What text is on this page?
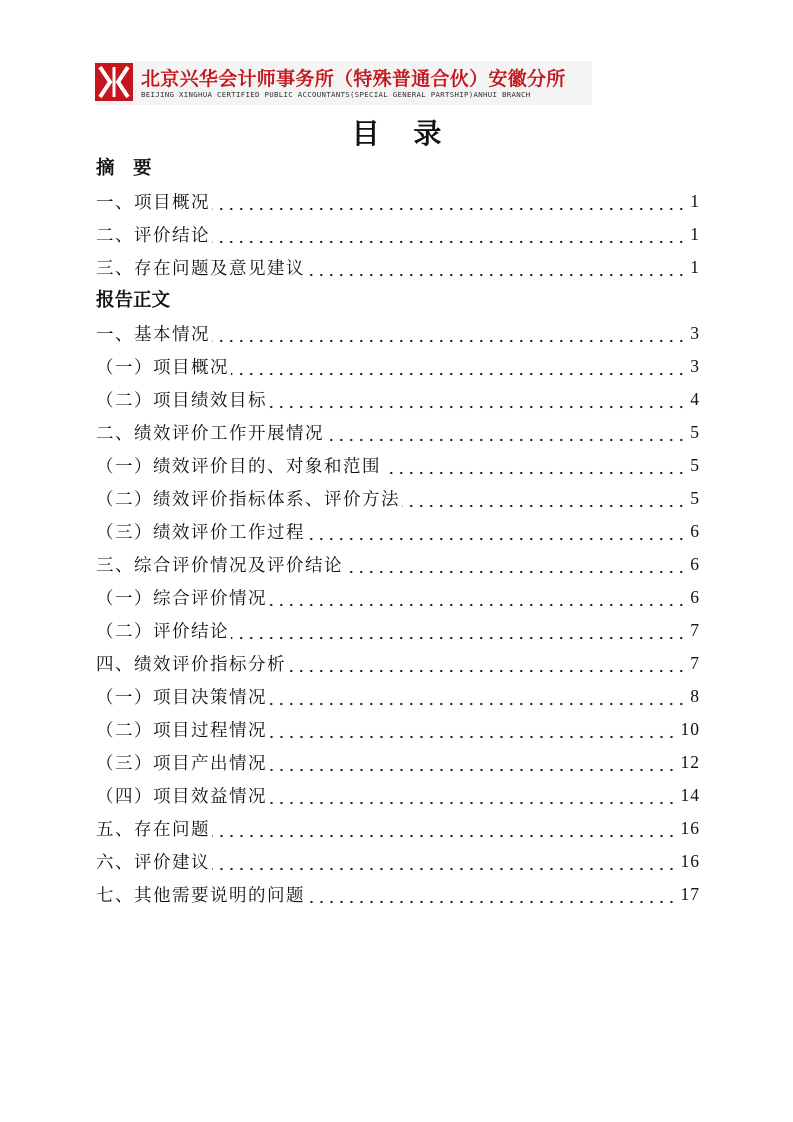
北京兴华会计师事务所（特殊普通合伙）安徽分所
BEIJING XINGHUA CERTIFIED PUBLIC ACCOUNTANTS(SPECIAL GENERAL PARTSHIP)ANHUI BRANCH
目 录
摘　要
一、项目概况	1
二、评价结论	1
三、存在问题及意见建议	1
报告正文
一、基本情况	3
（一）项目概况	3
（二）项目绩效目标	4
二、绩效评价工作开展情况	5
（一）绩效评价目的、对象和范围	5
（二）绩效评价指标体系、评价方法	5
（三）绩效评价工作过程	6
三、综合评价情况及评价结论	6
（一）综合评价情况	6
（二）评价结论	7
四、绩效评价指标分析	7
（一）项目决策情况	8
（二）项目过程情况	10
（三）项目产出情况	12
（四）项目效益情况	14
五、存在问题	16
六、评价建议	16
七、其他需要说明的问题	17
